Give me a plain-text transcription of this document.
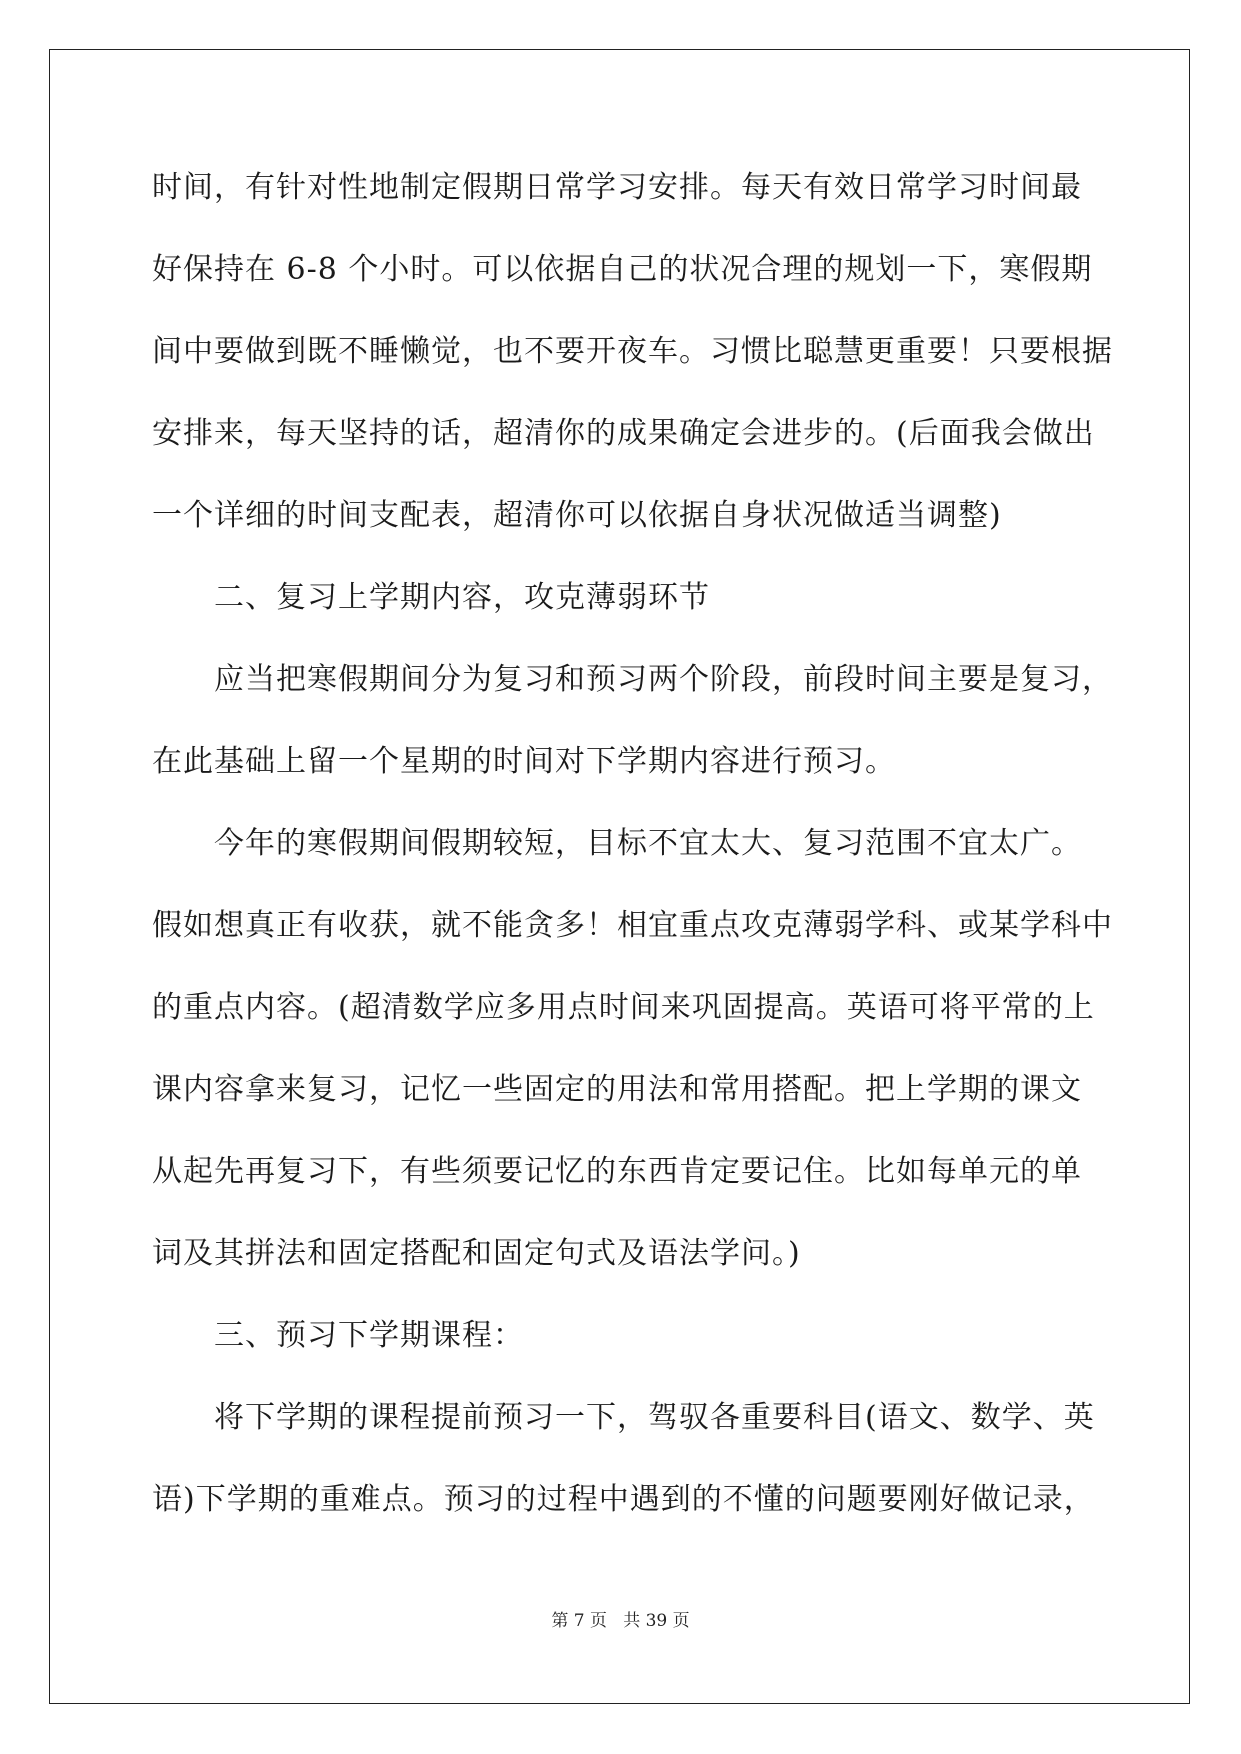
时间，有针对性地制定假期日常学习安排。每天有效日常学习时间最
好保持在 6-8 个小时。可以依据自己的状况合理的规划一下，寒假期
间中要做到既不睡懒觉，也不要开夜车。习惯比聪慧更重要！只要根据
安排来，每天坚持的话，超清你的成果确定会进步的。(后面我会做出
一个详细的时间支配表，超清你可以依据自身状况做适当调整)
二、复习上学期内容，攻克薄弱环节
应当把寒假期间分为复习和预习两个阶段，前段时间主要是复习，
在此基础上留一个星期的时间对下学期内容进行预习。
今年的寒假期间假期较短，目标不宜太大、复习范围不宜太广。
假如想真正有收获，就不能贪多！相宜重点攻克薄弱学科、或某学科中
的重点内容。(超清数学应多用点时间来巩固提高。英语可将平常的上
课内容拿来复习，记忆一些固定的用法和常用搭配。把上学期的课文
从起先再复习下，有些须要记忆的东西肯定要记住。比如每单元的单
词及其拼法和固定搭配和固定句式及语法学问。)
三、预习下学期课程：
将下学期的课程提前预习一下，驾驭各重要科目(语文、数学、英
语)下学期的重难点。预习的过程中遇到的不懂的问题要刚好做记录，
第 7 页   共 39 页
